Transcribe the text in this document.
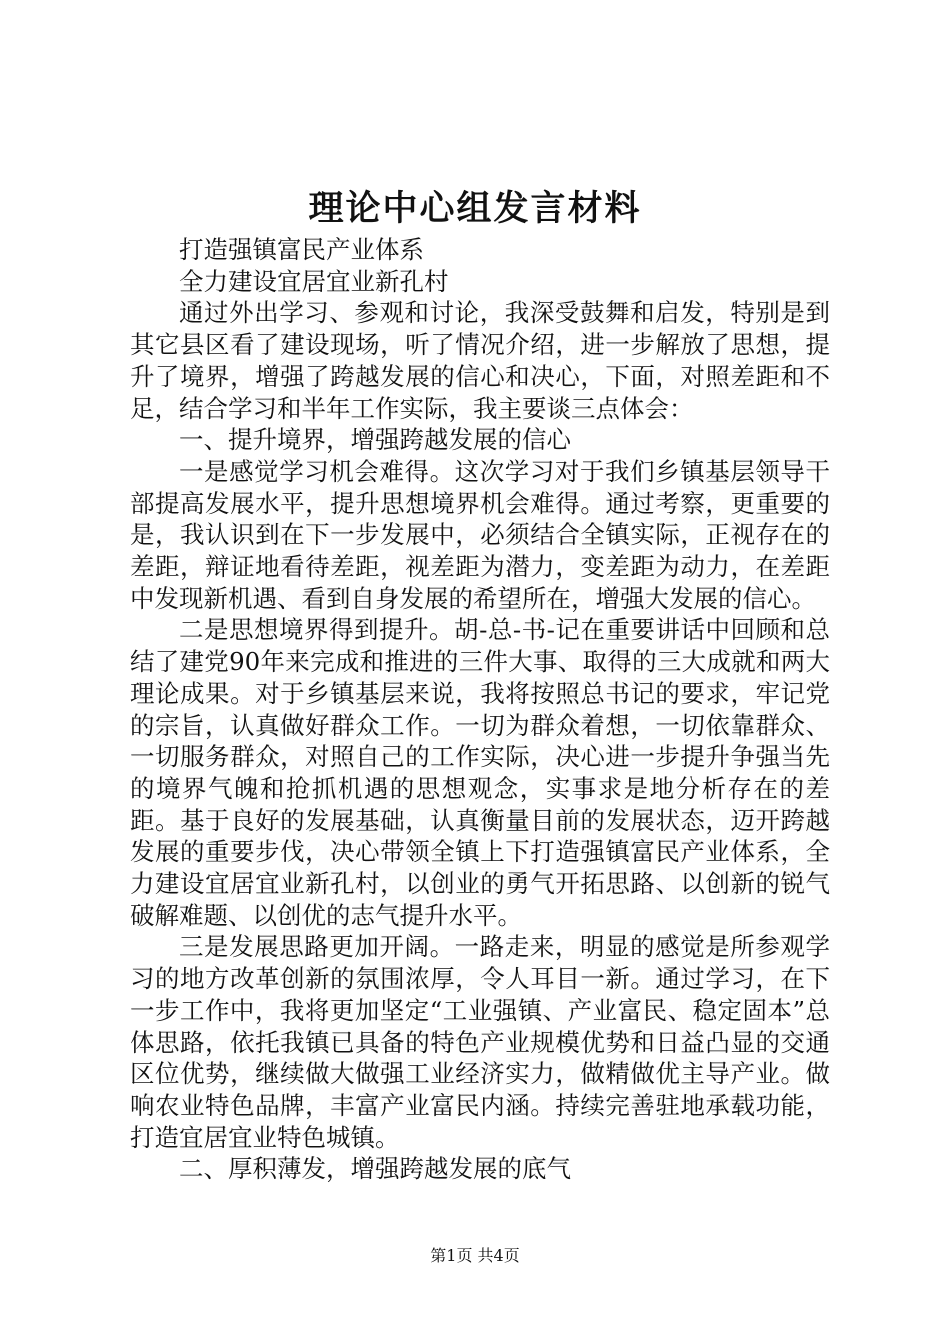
理论中心组发言材料

打造强镇富民产业体系

全力建设宜居宜业新孔村

通过外出学习、参观和讨论，我深受鼓舞和启发，特别是到其它县区看了建设现场，听了情况介绍，进一步解放了思想，提升了境界，增强了跨越发展的信心和决心，下面，对照差距和不足，结合学习和半年工作实际，我主要谈三点体会：

一、提升境界，增强跨越发展的信心

一是感觉学习机会难得。这次学习对于我们乡镇基层领导干部提高发展水平，提升思想境界机会难得。通过考察，更重要的是，我认识到在下一步发展中，必须结合全镇实际，正视存在的差距，辩证地看待差距，视差距为潜力，变差距为动力，在差距中发现新机遇、看到自身发展的希望所在，增强大发展的信心。

二是思想境界得到提升。胡-总-书-记在重要讲话中回顾和总结了建党90年来完成和推进的三件大事、取得的三大成就和两大理论成果。对于乡镇基层来说，我将按照总书记的要求，牢记党的宗旨，认真做好群众工作。一切为群众着想，一切依靠群众、一切服务群众，对照自己的工作实际，决心进一步提升争强当先的境界气魄和抢抓机遇的思想观念，实事求是地分析存在的差距。基于良好的发展基础，认真衡量目前的发展状态，迈开跨越发展的重要步伐，决心带领全镇上下打造强镇富民产业体系，全力建设宜居宜业新孔村，以创业的勇气开拓思路、以创新的锐气破解难题、以创优的志气提升水平。

三是发展思路更加开阔。一路走来，明显的感觉是所参观学习的地方改革创新的氛围浓厚，令人耳目一新。通过学习，在下一步工作中，我将更加坚定“工业强镇、产业富民、稳定固本”总体思路，依托我镇已具备的特色产业规模优势和日益凸显的交通区位优势，继续做大做强工业经济实力，做精做优主导产业。做响农业特色品牌，丰富产业富民内涵。持续完善驻地承载功能，打造宜居宜业特色城镇。

二、厚积薄发，增强跨越发展的底气

第1页 共4页
